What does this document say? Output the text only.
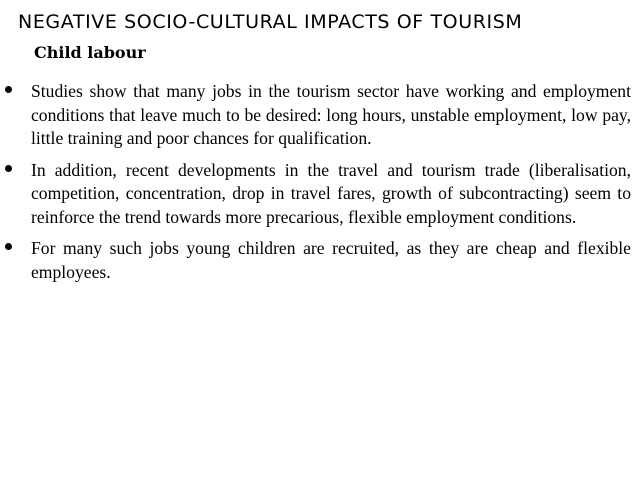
NEGATIVE SOCIO-CULTURAL IMPACTS OF TOURISM
Child labour
Studies show that many jobs in the tourism sector have working and employment conditions that leave much to be desired: long hours, unstable employment, low pay, little training and poor chances for qualification.
In addition, recent developments in the travel and tourism trade (liberalisation, competition, concentration, drop in travel fares, growth of subcontracting) seem to reinforce the trend towards more precarious, flexible employment conditions.
For many such jobs young children are recruited, as they are cheap and flexible employees.
